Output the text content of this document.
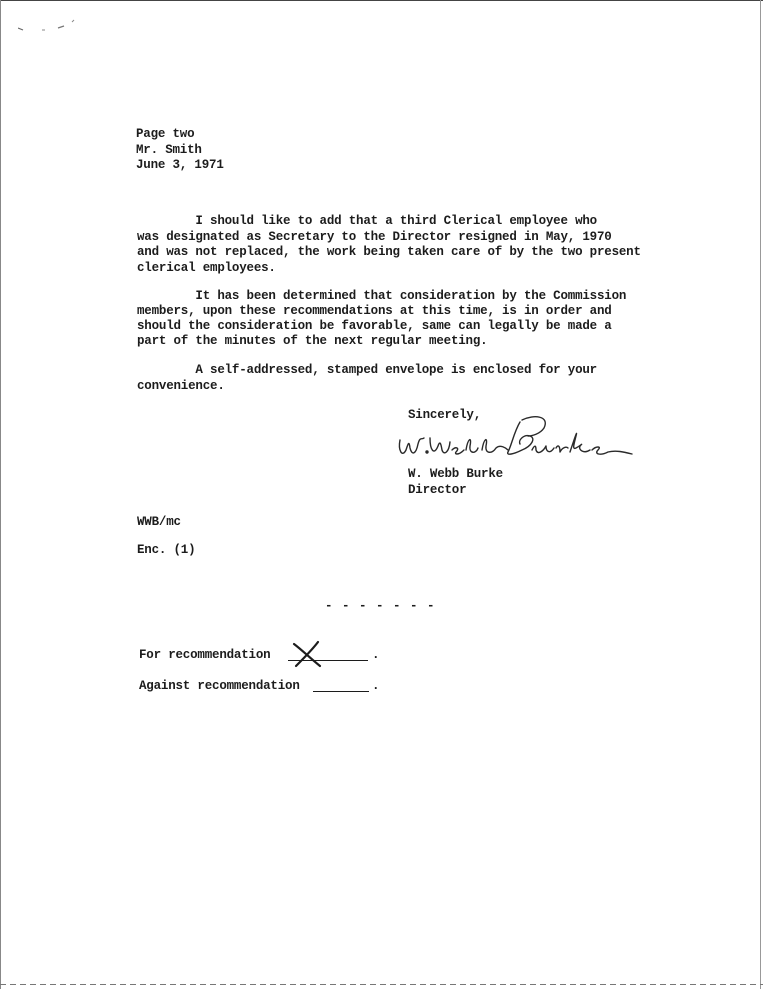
Page two
Mr. Smith
June 3, 1971
I should like to add that a third Clerical employee who
was designated as Secretary to the Director resigned in May, 1970
and was not replaced, the work being taken care of by the two present
clerical employees.
It has been determined that consideration by the Commission
members, upon these recommendations at this time, is in order and
should the consideration be favorable, same can legally be made a
part of the minutes of the next regular meeting.
A self-addressed, stamped envelope is enclosed for your
convenience.
Sincerely,
W. Webb Burke
Director
WWB/mc
Enc. (1)
- - - - - - -
For recommendation	.
Against recommendation	.
